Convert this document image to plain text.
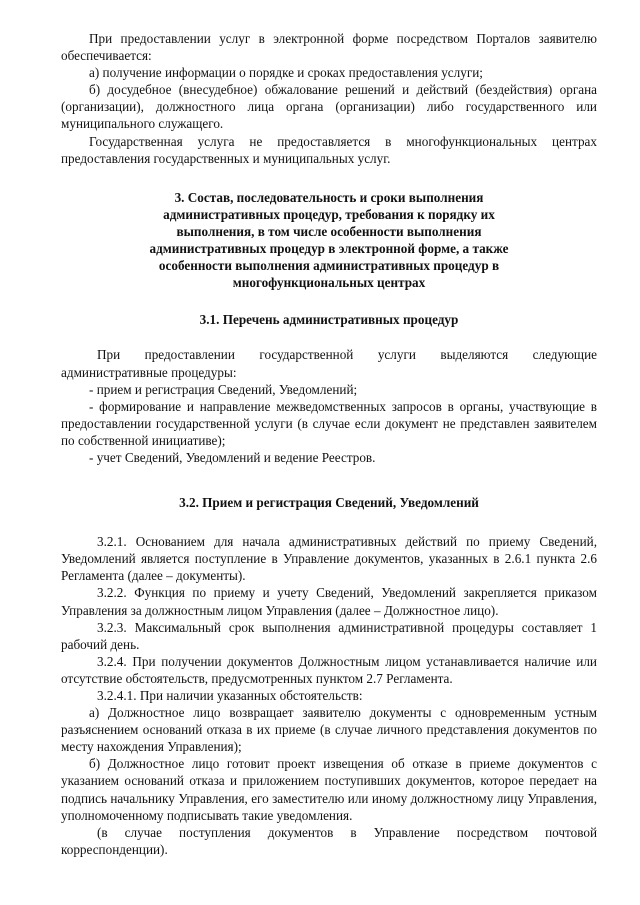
При предоставлении услуг в электронной форме посредством Порталов заявителю обеспечивается:

а) получение информации о порядке и сроках предоставления услуги;

б) досудебное (внесудебное) обжалование решений и действий (бездействия) органа (организации), должностного лица органа (организации) либо государственного или муниципального служащего.

Государственная услуга не предоставляется в многофункциональных центрах предоставления государственных и муниципальных услуг.

3. Состав, последовательность и сроки выполнения административных процедур, требования к порядку их выполнения, в том числе особенности выполнения административных процедур в электронной форме, а также особенности выполнения административных процедур в многофункциональных центрах

3.1. Перечень административных процедур

При предоставлении государственной услуги выделяются следующие административные процедуры:

- прием и регистрация Сведений, Уведомлений;

- формирование и направление межведомственных запросов в органы, участвующие в предоставлении государственной услуги (в случае если документ не представлен заявителем по собственной инициативе);

- учет Сведений, Уведомлений и ведение Реестров.

3.2. Прием и регистрация Сведений, Уведомлений

3.2.1. Основанием для начала административных действий по приему Сведений, Уведомлений является поступление в Управление документов, указанных в 2.6.1 пункта 2.6 Регламента (далее – документы).

3.2.2. Функция по приему и учету Сведений, Уведомлений закрепляется приказом Управления за должностным лицом Управления (далее – Должностное лицо).

3.2.3. Максимальный срок выполнения административной процедуры составляет 1 рабочий день.

3.2.4. При получении документов Должностным лицом устанавливается наличие или отсутствие обстоятельств, предусмотренных пунктом 2.7 Регламента.

3.2.4.1. При наличии указанных обстоятельств:

а) Должностное лицо возвращает заявителю документы с одновременным устным разъяснением оснований отказа в их приеме (в случае личного представления документов по месту нахождения Управления);

б) Должностное лицо готовит проект извещения об отказе в приеме документов с указанием оснований отказа и приложением поступивших документов, которое передает на подпись начальнику Управления, его заместителю или иному должностному лицу Управления, уполномоченному подписывать такие уведомления.

(в случае поступления документов в Управление посредством почтовой корреспонденции).
